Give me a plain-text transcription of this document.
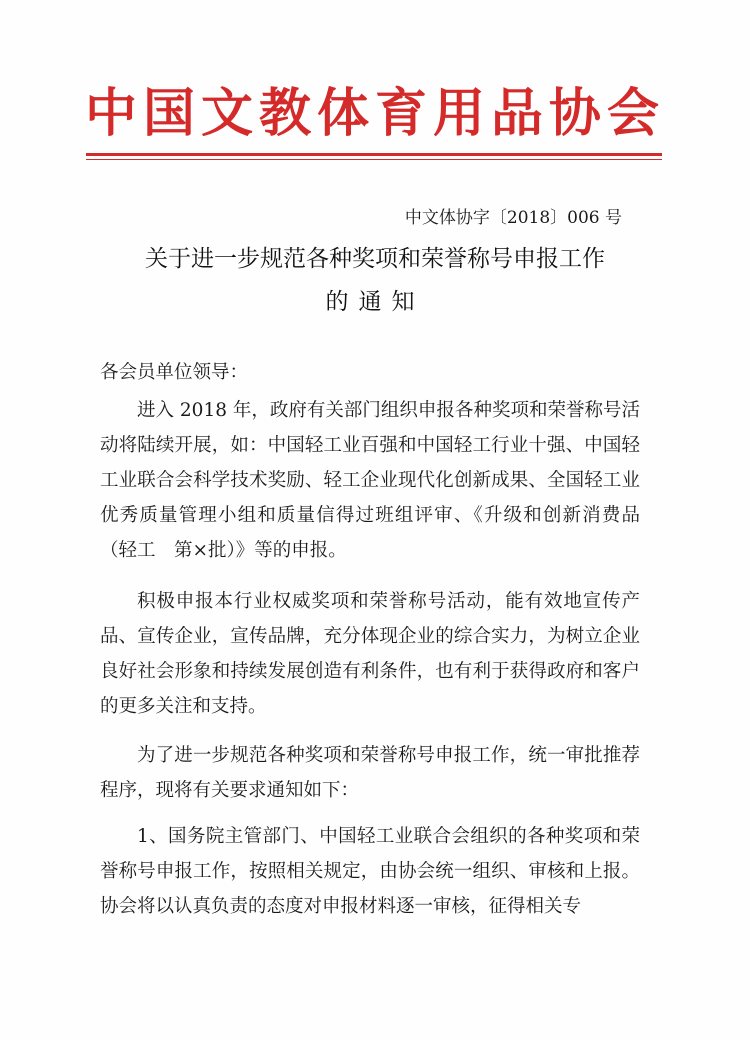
中国文教体育用品协会
中文体协字〔2018〕006 号
关于进一步规范各种奖项和荣誉称号申报工作
的通知
各会员单位领导：
进入 2018 年，政府有关部门组织申报各种奖项和荣誉称号活动将陆续开展，如：中国轻工业百强和中国轻工行业十强、中国轻工业联合会科学技术奖励、轻工企业现代化创新成果、全国轻工业优秀质量管理小组和质量信得过班组评审、《升级和创新消费品（轻工　第×批）》等的申报。
积极申报本行业权威奖项和荣誉称号活动，能有效地宣传产品、宣传企业，宣传品牌，充分体现企业的综合实力，为树立企业良好社会形象和持续发展创造有利条件，也有利于获得政府和客户的更多关注和支持。
为了进一步规范各种奖项和荣誉称号申报工作，统一审批推荐程序，现将有关要求通知如下：
1、国务院主管部门、中国轻工业联合会组织的各种奖项和荣誉称号申报工作，按照相关规定，由协会统一组织、审核和上报。协会将以认真负责的态度对申报材料逐一审核，征得相关专
